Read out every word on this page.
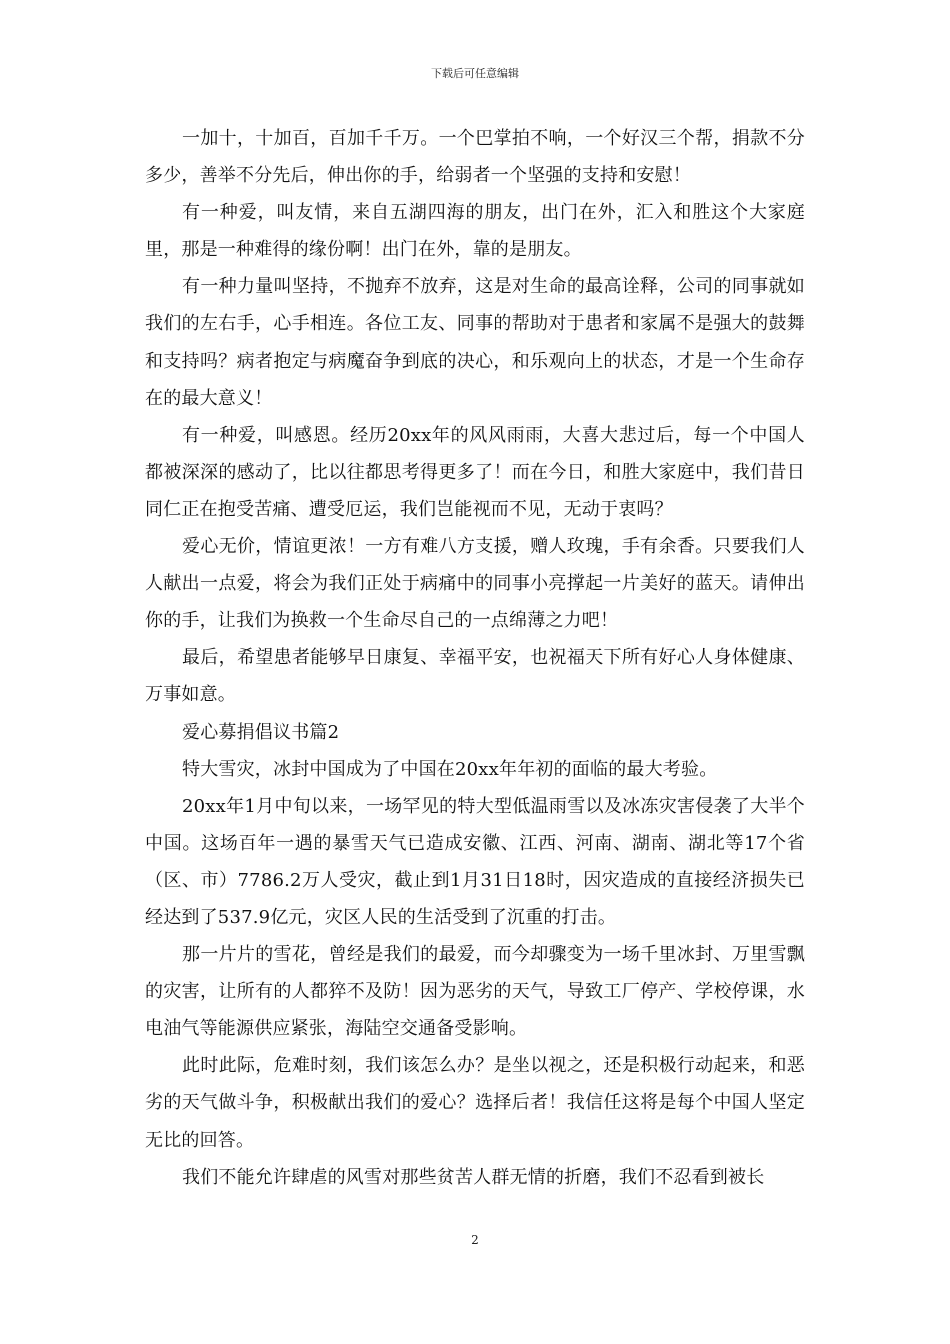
下载后可任意编辑

一加十，十加百，百加千千万。一个巴掌拍不响，一个好汉三个帮，捐款不分多少，善举不分先后，伸出你的手，给弱者一个坚强的支持和安慰！

有一种爱，叫友情，来自五湖四海的朋友，出门在外，汇入和胜这个大家庭里，那是一种难得的缘份啊！出门在外，靠的是朋友。

有一种力量叫坚持，不抛弃不放弃，这是对生命的最高诠释，公司的同事就如我们的左右手，心手相连。各位工友、同事的帮助对于患者和家属不是强大的鼓舞和支持吗？病者抱定与病魔奋争到底的决心，和乐观向上的状态，才是一个生命存在的最大意义！

有一种爱，叫感恩。经历20xx年的风风雨雨，大喜大悲过后，每一个中国人都被深深的感动了，比以往都思考得更多了！而在今日，和胜大家庭中，我们昔日同仁正在抱受苦痛、遭受厄运，我们岂能视而不见，无动于衷吗？

爱心无价，情谊更浓！一方有难八方支援，赠人玫瑰，手有余香。只要我们人人献出一点爱，将会为我们正处于病痛中的同事小亮撑起一片美好的蓝天。请伸出你的手，让我们为换救一个生命尽自己的一点绵薄之力吧！

最后，希望患者能够早日康复、幸福平安，也祝福天下所有好心人身体健康、万事如意。

爱心募捐倡议书篇2

特大雪灾，冰封中国成为了中国在20xx年年初的面临的最大考验。

20xx年1月中旬以来，一场罕见的特大型低温雨雪以及冰冻灾害侵袭了大半个中国。这场百年一遇的暴雪天气已造成安徽、江西、河南、湖南、湖北等17个省（区、市）7786.2万人受灾，截止到1月31日18时，因灾造成的直接经济损失已经达到了537.9亿元，灾区人民的生活受到了沉重的打击。

那一片片的雪花，曾经是我们的最爱，而今却骤变为一场千里冰封、万里雪飘的灾害，让所有的人都猝不及防！因为恶劣的天气，导致工厂停产、学校停课，水电油气等能源供应紧张，海陆空交通备受影响。

此时此际，危难时刻，我们该怎么办？是坐以视之，还是积极行动起来，和恶劣的天气做斗争，积极献出我们的爱心？选择后者！我信任这将是每个中国人坚定无比的回答。

我们不能允许肆虐的风雪对那些贫苦人群无情的折磨，我们不忍看到被长

2
